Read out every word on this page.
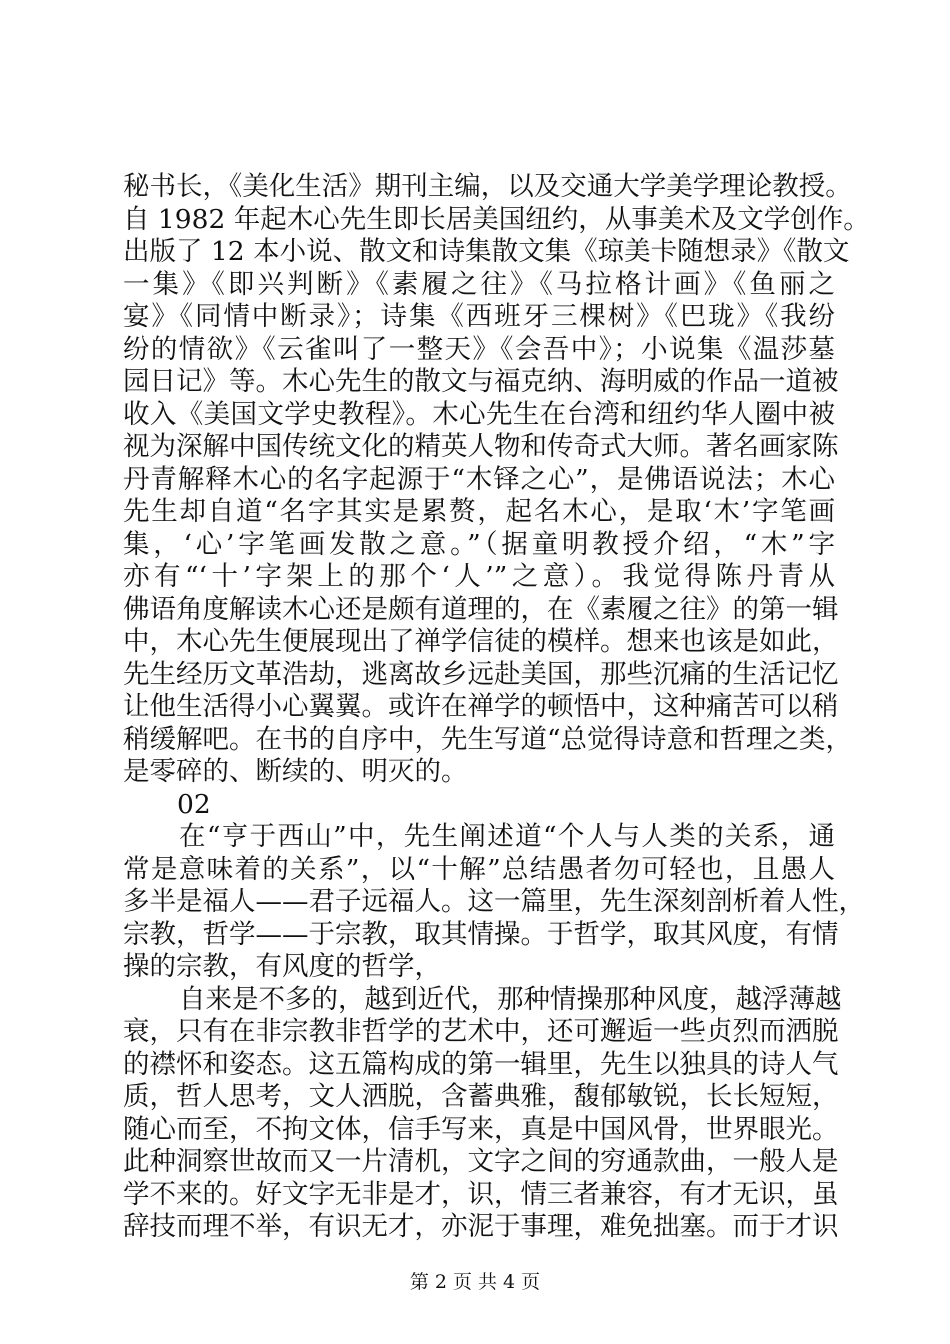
秘书长，《美化生活》期刊主编，以及交通大学美学理论教授。
自 1982 年起木心先生即长居美国纽约，从事美术及文学创作。
出版了 12 本小说、散文和诗集散文集《琼美卡随想录》《散文
一集》《即兴判断》《素履之往》《马拉格计画》《鱼丽之
宴》《同情中断录》；诗集《西班牙三棵树》《巴珑》《我纷
纷的情欲》《云雀叫了一整天》《会吾中》；小说集《温莎墓
园日记》等。木心先生的散文与福克纳、海明威的作品一道被
收入《美国文学史教程》。木心先生在台湾和纽约华人圈中被
视为深解中国传统文化的精英人物和传奇式大师。著名画家陈
丹青解释木心的名字起源于“木铎之心”，是佛语说法；木心
先生却自道“名字其实是累赘，起名木心，是取‘木’字笔画
集，‘心’字笔画发散之意。”（据童明教授介绍，“木”字
亦有“‘十’字架上的那个‘人’”之意）。我觉得陈丹青从
佛语角度解读木心还是颇有道理的，在《素履之往》的第一辑
中，木心先生便展现出了禅学信徒的模样。想来也该是如此，
先生经历文革浩劫，逃离故乡远赴美国，那些沉痛的生活记忆
让他生活得小心翼翼。或许在禅学的顿悟中，这种痛苦可以稍
稍缓解吧。在书的自序中，先生写道“总觉得诗意和哲理之类，
是零碎的、断续的、明灭的。
02
在“亨于西山”中，先生阐述道“个人与人类的关系，通
常是意味着的关系”，以“十解”总结愚者勿可轻也，且愚人
多半是福人——君子远福人。这一篇里，先生深刻剖析着人性，
宗教，哲学——于宗教，取其情操。于哲学，取其风度，有情
操的宗教，有风度的哲学，
自来是不多的，越到近代，那种情操那种风度，越浮薄越
衰，只有在非宗教非哲学的艺术中，还可邂逅一些贞烈而洒脱
的襟怀和姿态。这五篇构成的第一辑里，先生以独具的诗人气
质，哲人思考，文人洒脱，含蓄典雅，馥郁敏锐，长长短短，
随心而至，不拘文体，信手写来，真是中国风骨，世界眼光。
此种洞察世故而又一片清机，文字之间的穷通款曲，一般人是
学不来的。好文字无非是才，识，情三者兼容，有才无识，虽
辞技而理不举，有识无才，亦泥于事理，难免拙塞。而于才识
第 2 页 共 4 页
